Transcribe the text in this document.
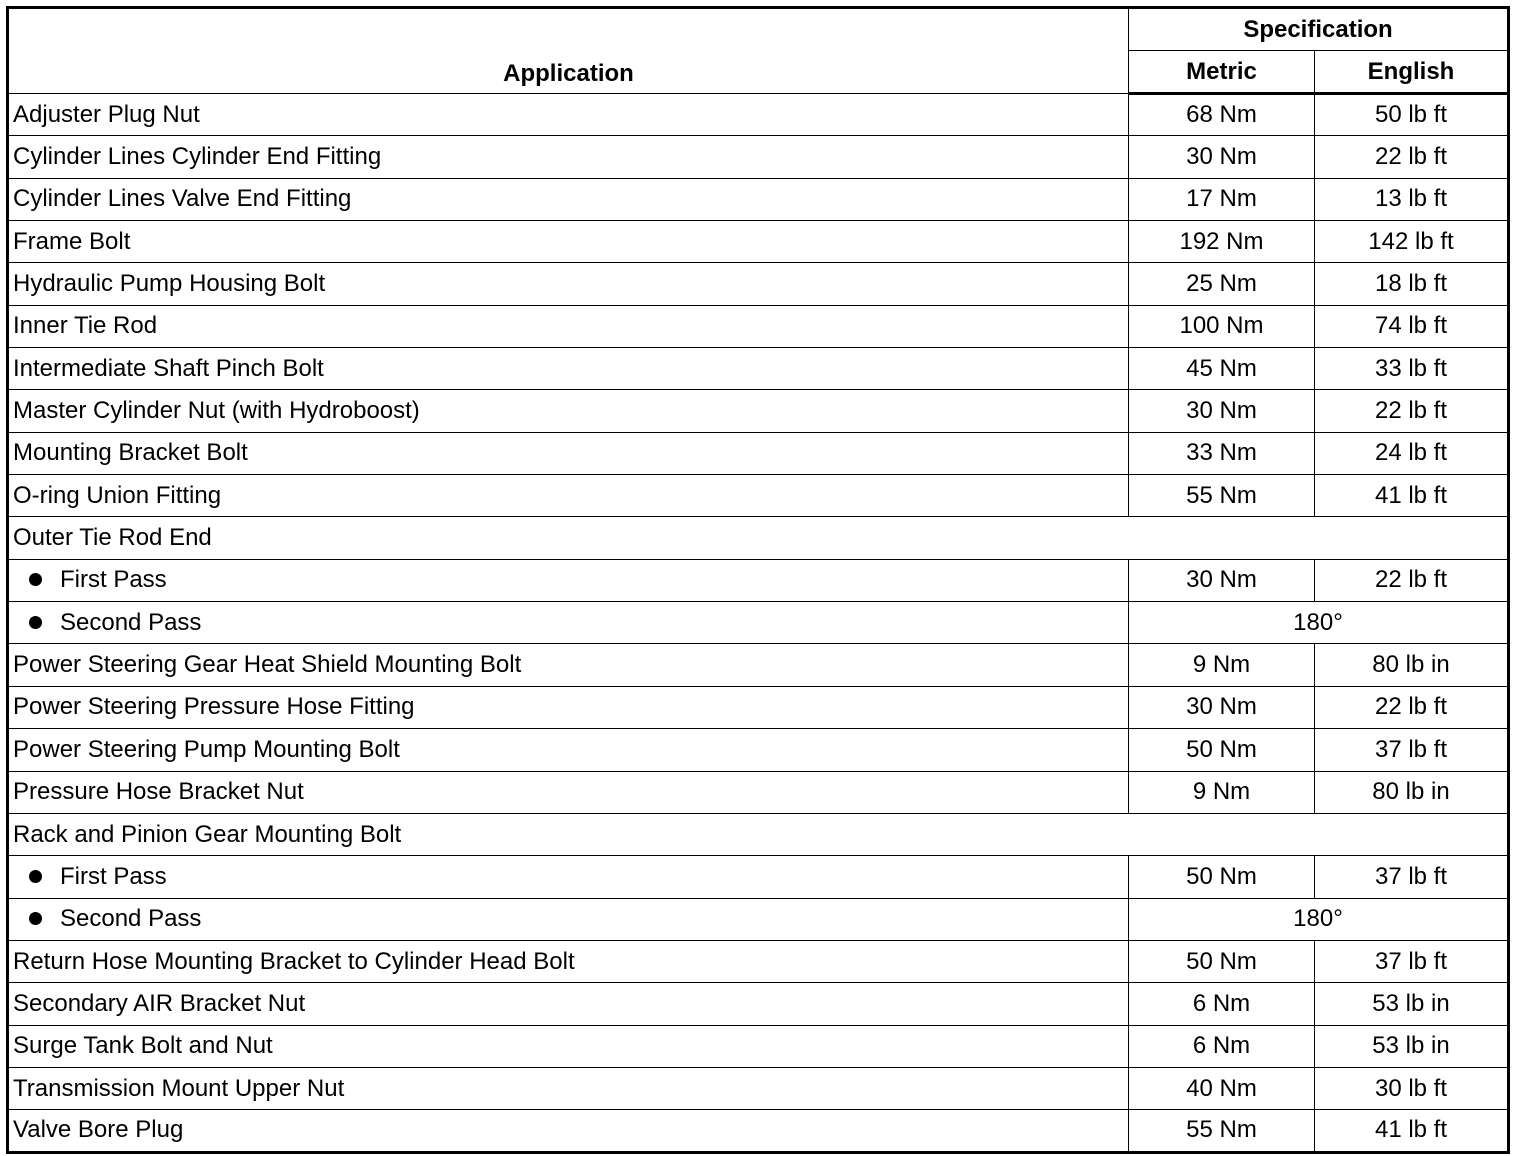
Application	Specification	
	Metric	English
Adjuster Plug Nut	68 Nm	50 lb ft
Cylinder Lines Cylinder End Fitting	30 Nm	22 lb ft
Cylinder Lines Valve End Fitting	17 Nm	13 lb ft
Frame Bolt	192 Nm	142 lb ft
Hydraulic Pump Housing Bolt	25 Nm	18 lb ft
Inner Tie Rod	100 Nm	74 lb ft
Intermediate Shaft Pinch Bolt	45 Nm	33 lb ft
Master Cylinder Nut (with Hydroboost)	30 Nm	22 lb ft
Mounting Bracket Bolt	33 Nm	24 lb ft
O-ring Union Fitting	55 Nm	41 lb ft
Outer Tie Rod End		
First Pass	30 Nm	22 lb ft
Second Pass	180°	
Power Steering Gear Heat Shield Mounting Bolt	9 Nm	80 lb in
Power Steering Pressure Hose Fitting	30 Nm	22 lb ft
Power Steering Pump Mounting Bolt	50 Nm	37 lb ft
Pressure Hose Bracket Nut	9 Nm	80 lb in
Rack and Pinion Gear Mounting Bolt		
First Pass	50 Nm	37 lb ft
Second Pass	180°	
Return Hose Mounting Bracket to Cylinder Head Bolt	50 Nm	37 lb ft
Secondary AIR Bracket Nut	6 Nm	53 lb in
Surge Tank Bolt and Nut	6 Nm	53 lb in
Transmission Mount Upper Nut	40 Nm	30 lb ft
Valve Bore Plug	55 Nm	41 lb ft
